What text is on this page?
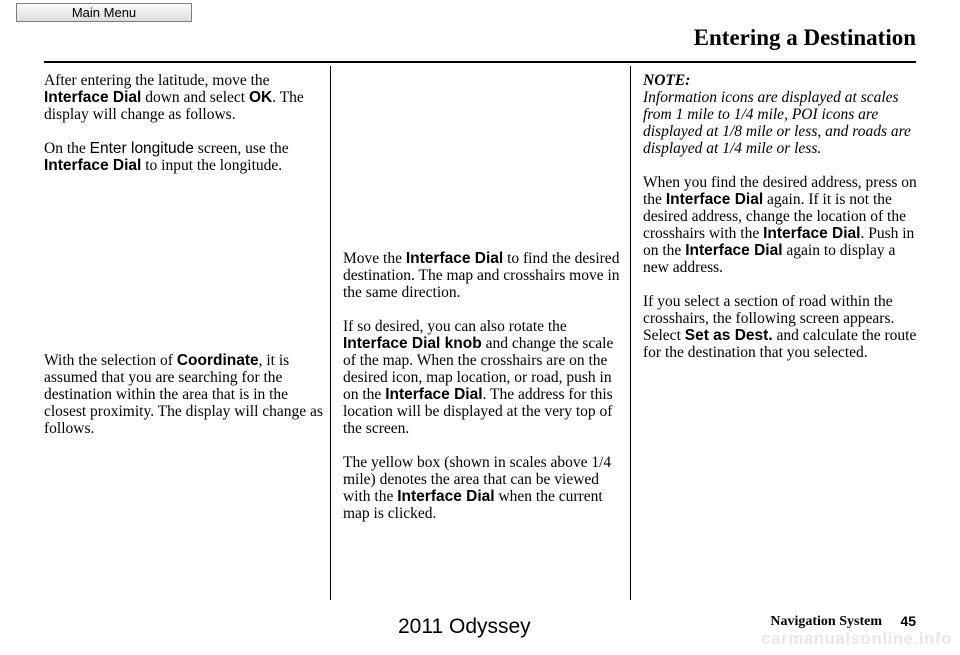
Main Menu
Entering a Destination

After entering the latitude, move the Interface Dial down and select OK. The display will change as follows.

On the Enter longitude screen, use the Interface Dial to input the longitude.

With the selection of Coordinate, it is assumed that you are searching for the destination within the area that is in the closest proximity. The display will change as follows.

Move the Interface Dial to find the desired destination. The map and crosshairs move in the same direction.

If so desired, you can also rotate the Interface Dial knob and change the scale of the map. When the crosshairs are on the desired icon, map location, or road, push in on the Interface Dial. The address for this location will be displayed at the very top of the screen.

The yellow box (shown in scales above 1/4 mile) denotes the area that can be viewed with the Interface Dial when the current map is clicked.

NOTE:
Information icons are displayed at scales from 1 mile to 1/4 mile, POI icons are displayed at 1/8 mile or less, and roads are displayed at 1/4 mile or less.

When you find the desired address, press on the Interface Dial again. If it is not the desired address, change the location of the crosshairs with the Interface Dial. Push in on the Interface Dial again to display a new address.

If you select a section of road within the crosshairs, the following screen appears. Select Set as Dest. and calculate the route for the destination that you selected.

Navigation System 45
2011 Odyssey
carmanualsonline.info
